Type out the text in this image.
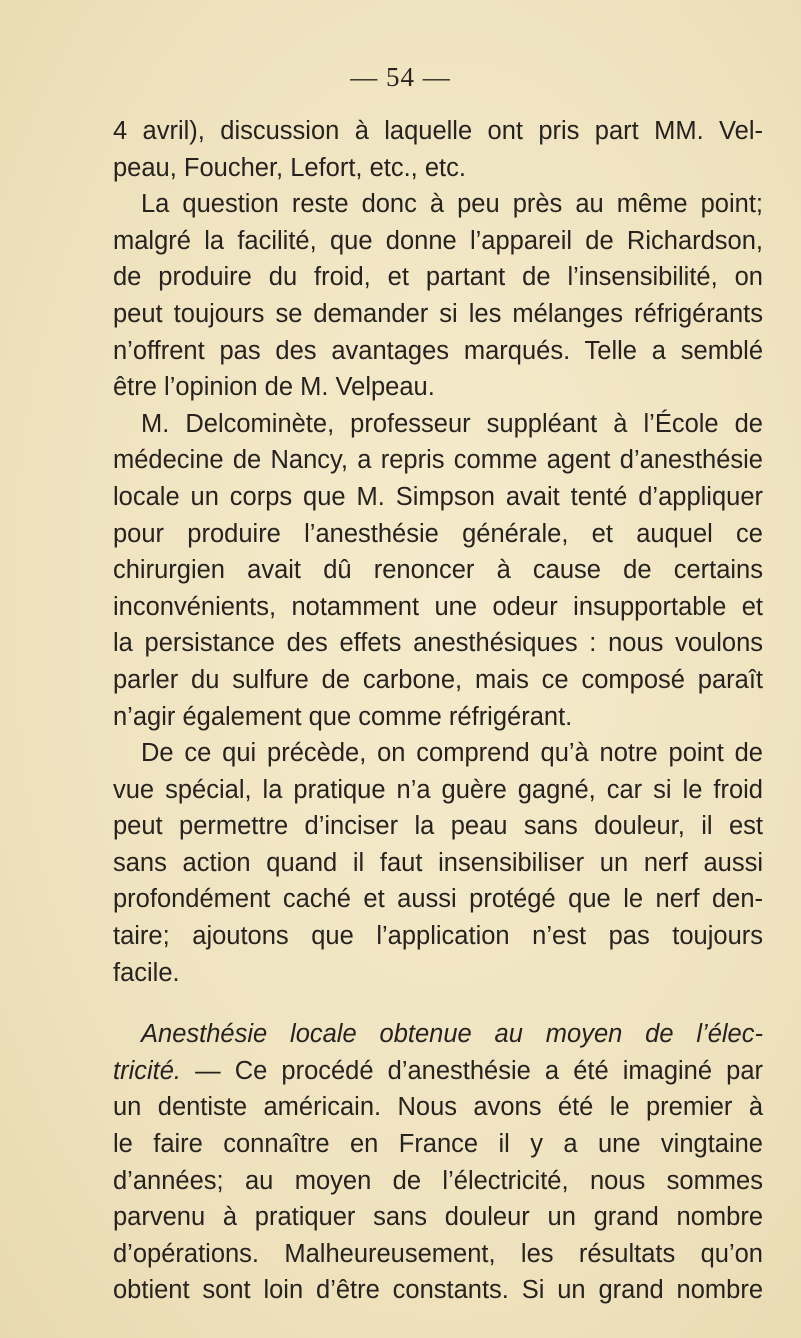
— 54 —
4 avril), discussion à laquelle ont pris part MM. Vel-
peau, Foucher, Lefort, etc., etc.
La question reste donc à peu près au même point;
malgré la facilité, que donne l’appareil de Richardson,
de produire du froid, et partant de l’insensibilité, on
peut toujours se demander si les mélanges réfrigérants
n’offrent pas des avantages marqués. Telle a semblé
être l’opinion de M. Velpeau.
M. Delcominète, professeur suppléant à l’École de
médecine de Nancy, a repris comme agent d’anesthésie
locale un corps que M. Simpson avait tenté d’appliquer
pour produire l’anesthésie générale, et auquel ce
chirurgien avait dû renoncer à cause de certains
inconvénients, notamment une odeur insupportable et
la persistance des effets anesthésiques : nous voulons
parler du sulfure de carbone, mais ce composé paraît
n’agir également que comme réfrigérant.
De ce qui précède, on comprend qu’à notre point de
vue spécial, la pratique n’a guère gagné, car si le froid
peut permettre d’inciser la peau sans douleur, il est
sans action quand il faut insensibiliser un nerf aussi
profondément caché et aussi protégé que le nerf den-
taire; ajoutons que l’application n’est pas toujours
facile.
Anesthésie locale obtenue au moyen de l’élec-
tricité. — Ce procédé d’anesthésie a été imaginé par
un dentiste américain. Nous avons été le premier à
le faire connaître en France il y a une vingtaine
d’années; au moyen de l’électricité, nous sommes
parvenu à pratiquer sans douleur un grand nombre
d’opérations. Malheureusement, les résultats qu’on
obtient sont loin d’être constants. Si un grand nombre
